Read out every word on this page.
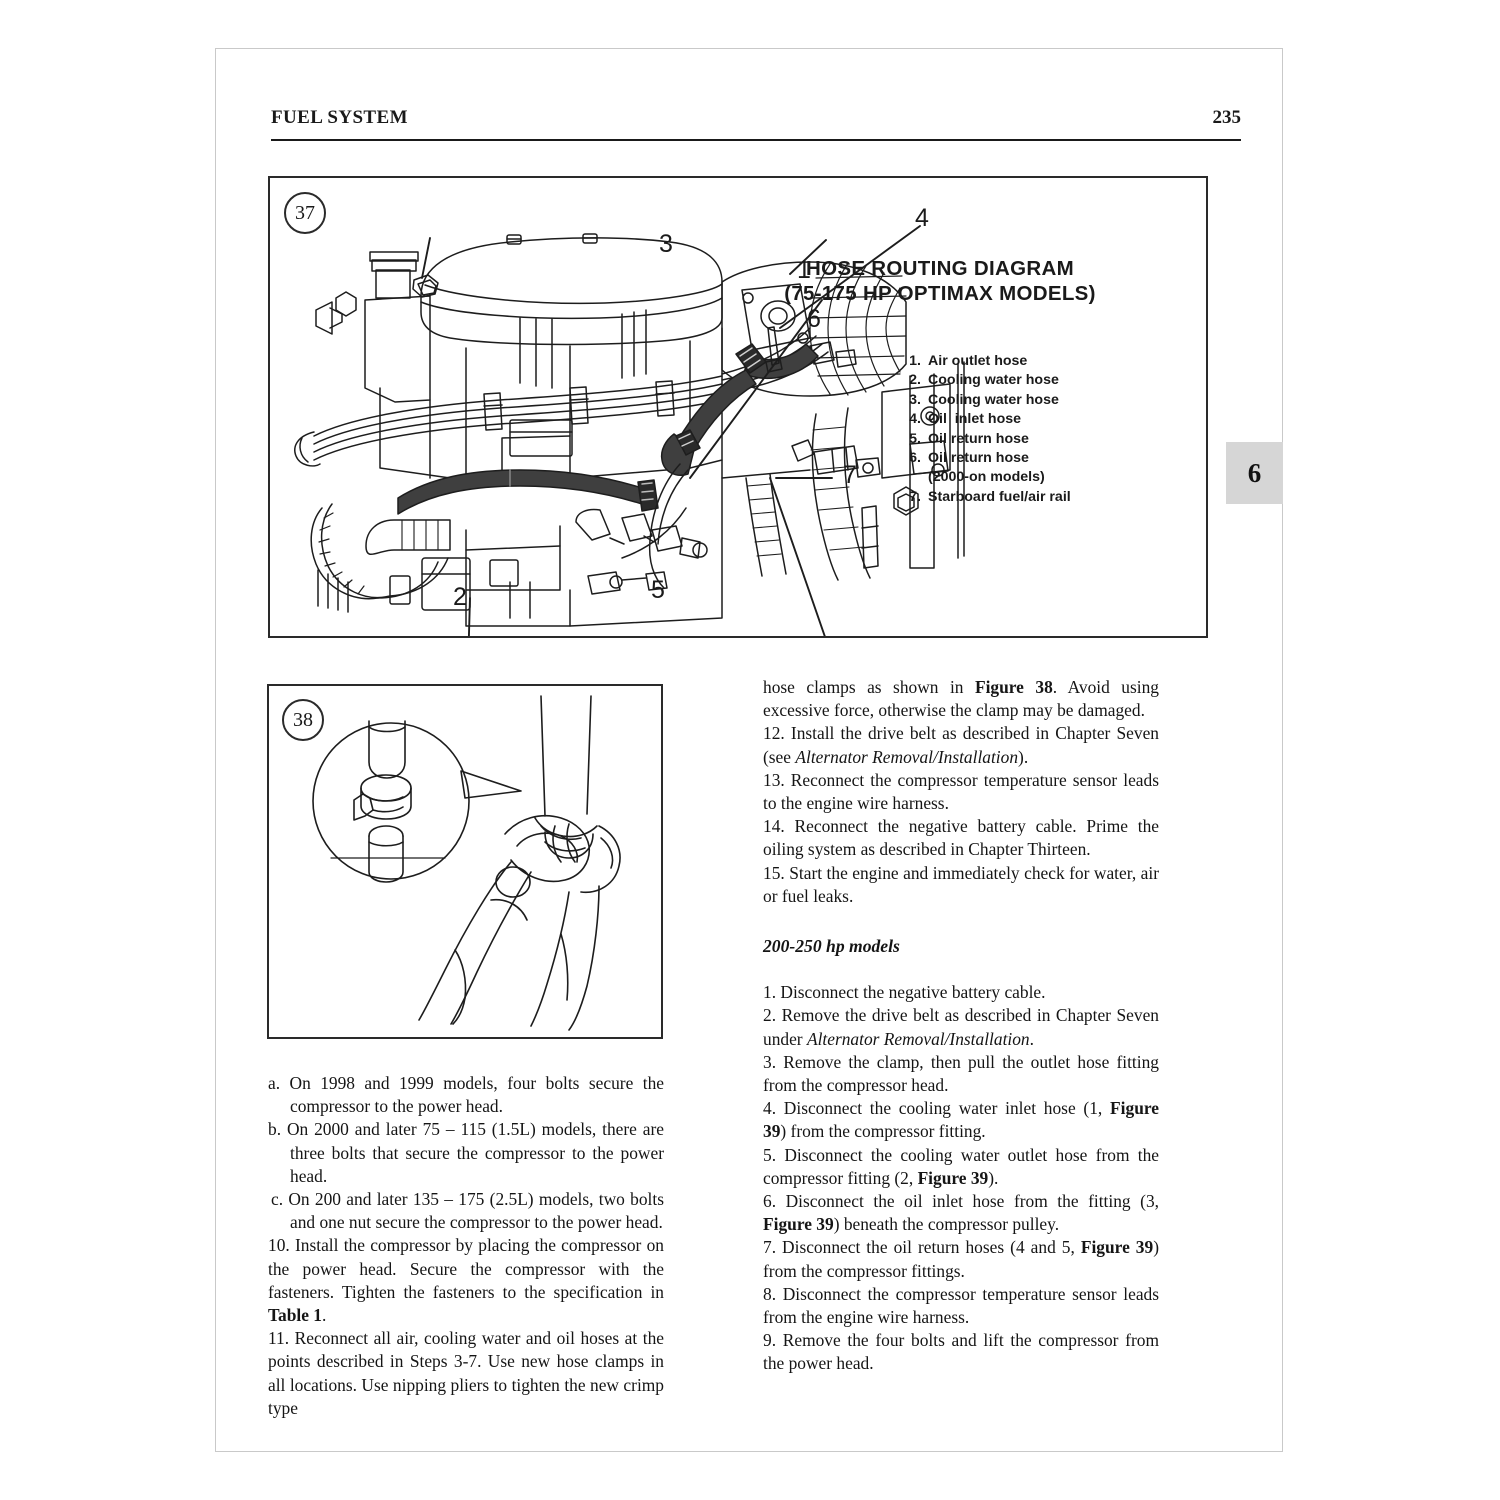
FUEL SYSTEM	235
6
37
3
4
2	5
1
6
7
HOSE ROUTING DIAGRAM
(75-175 HP OPTIMAX MODELS)
1. Air outlet hose
2. Cooling water hose
3. Cooling water hose
4. Oil  inlet hose
5. Oil return hose
6. Oil return hose
(2000-on models)
7. Starboard fuel/air rail
38

a. On 1998 and 1999 models, four bolts secure the compressor to the power head.

b. On 2000 and later 75 – 115 (1.5L) models, there are three bolts that secure the compressor to the power head.

c. On 200 and later 135 – 175 (2.5L) models, two bolts and one nut secure the compressor to the power head.

10. Install the compressor by placing the compressor on the power head. Secure the compressor with the fasteners. Tighten the fasteners to the specification in Table 1.

11. Reconnect all air, cooling water and oil hoses at the points described in Steps 3-7. Use new hose clamps in all locations. Use nipping pliers to tighten the new crimp type

hose clamps as shown in Figure 38. Avoid using excessive force, otherwise the clamp may be damaged.

12. Install the drive belt as described in Chapter Seven (see Alternator Removal/Installation).

13. Reconnect the compressor temperature sensor leads to the engine wire harness.

14. Reconnect the negative battery cable. Prime the oiling system as described in Chapter Thirteen.

15. Start the engine and immediately check for water, air or fuel leaks.

200-250 hp models

1. Disconnect the negative battery cable.

2. Remove the drive belt as described in Chapter Seven under Alternator Removal/Installation.

3. Remove the clamp, then pull the outlet hose fitting from the compressor head.

4. Disconnect the cooling water inlet hose (1, Figure 39) from the compressor fitting.

5. Disconnect the cooling water outlet hose from the compressor fitting (2, Figure 39).

6. Disconnect the oil inlet hose from the fitting (3, Figure 39) beneath the compressor pulley.

7. Disconnect the oil return hoses (4 and 5, Figure 39) from the compressor fittings.

8. Disconnect the compressor temperature sensor leads from the engine wire harness.

9. Remove the four bolts and lift the compressor from the power head.
